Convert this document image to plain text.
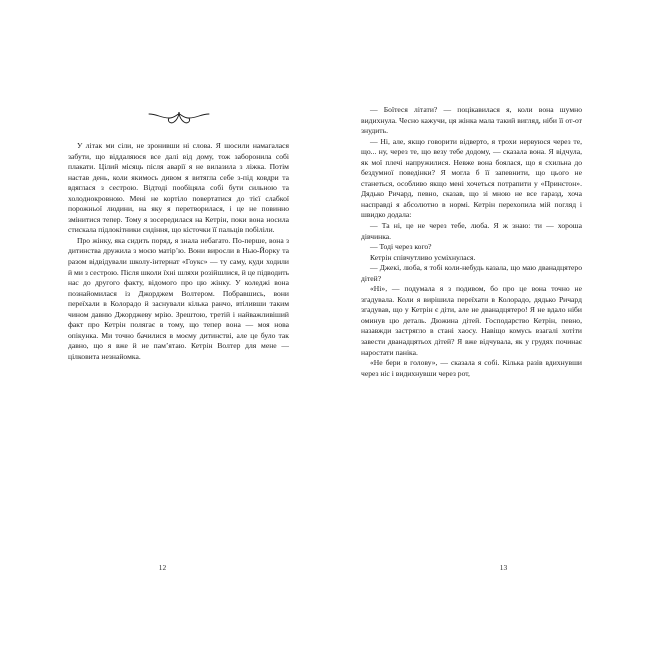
У літак ми сіли, не зронивши ні слова. Я шосили намагалася забути, що віддаляюся все далі від дому, тож заборонила собі плакати. Цілий місяць після аварії я не вилазила з ліжка. Потім настав день, коли якимось дивом я витягла себе з-під ковдри та вдяглася з сестрою. Відтоді пообіцяла собі бути сильною та холоднокровною. Мені не кортіло повертатися до тієї слабкої порожньої людини, на яку я перетворилася, і це не повинно змінитися тепер. Тому я зосередилася на Кетрін, поки вона носила стискала підлокітники сидіння, що кісточки її пальців побіліли.

Про жінку, яка сидить поряд, я знала небагато. По-перше, вона з дитинства дружила з моєю матір’ю. Вони виросли в Нью-Йорку та разом відвідували школу-інтернат «Гоукс» — ту саму, куди ходили й ми з сестрою. Після школи їхні шляхи розійшлися, й це підводить нас до другого факту, відомого про цю жінку. У коледжі вона познайомилася із Джорджем Волтером. Побравшись, вони переїхали в Колорадо й заснували кілька ранчо, втіливши таким чином давню Джорджеву мрію. Зрештою, третій і найважливіший факт про Кетрін полягає в тому, що тепер вона — моя нова опікунка. Ми точно бачилися в моєму дитинстві, але це було так давно, що я вже й не пам’ятаю. Кетрін Волтер для мене — цілковита незнайомка.

12

— Боїтеся літати? — поцікавилася я, коли вона шумно видихнула. Чесно кажучи, ця жінка мала такий вигляд, ніби її от-от знудить.

— Ні, але, якщо говорити відверто, я трохи нервуюся через те, що... ну, через те, що везу тебе додому, — сказала вона. Я відчула, як мої плечі напружилися. Невже вона боялася, що я схильна до бездумної поведінки? Я могла б її запевнити, що цього не станеться, особливо якщо мені хочеться потрапити у «Принстон». Дядько Ричард, певно, сказав, що зі мною не все гаразд, хоча насправді я абсолютно в нормі. Кетрін перехопила мій погляд і швидко додала:

— Та ні, це не через тебе, люба. Я ж знаю: ти — хороша дівчинка.

— Тоді через кого?

Кетрін співчутливо усміхнулася.

— Джекі, люба, я тобі коли-небудь казала, що маю дванадцятеро дітей?

«Ні», — подумала я з подивом, бо про це вона точно не згадувала. Коли я вирішила переїхати в Колорадо, дядько Ричард згадував, що у Кетрін є діти, але не дванадцятеро! Я не вдало ніби оминув цю деталь. Дюжина дітей. Господарство Кетрін, певно, назавжди застрягло в стані хаосу. Навіщо комусь взагалі хотіти завести дванадцятьох дітей? Я вже відчувала, як у грудях починає наростати паніка.

«Не бери в голову», — сказала я собі. Кілька разів вдихнувши через ніс і видихнувши через рот,

13
